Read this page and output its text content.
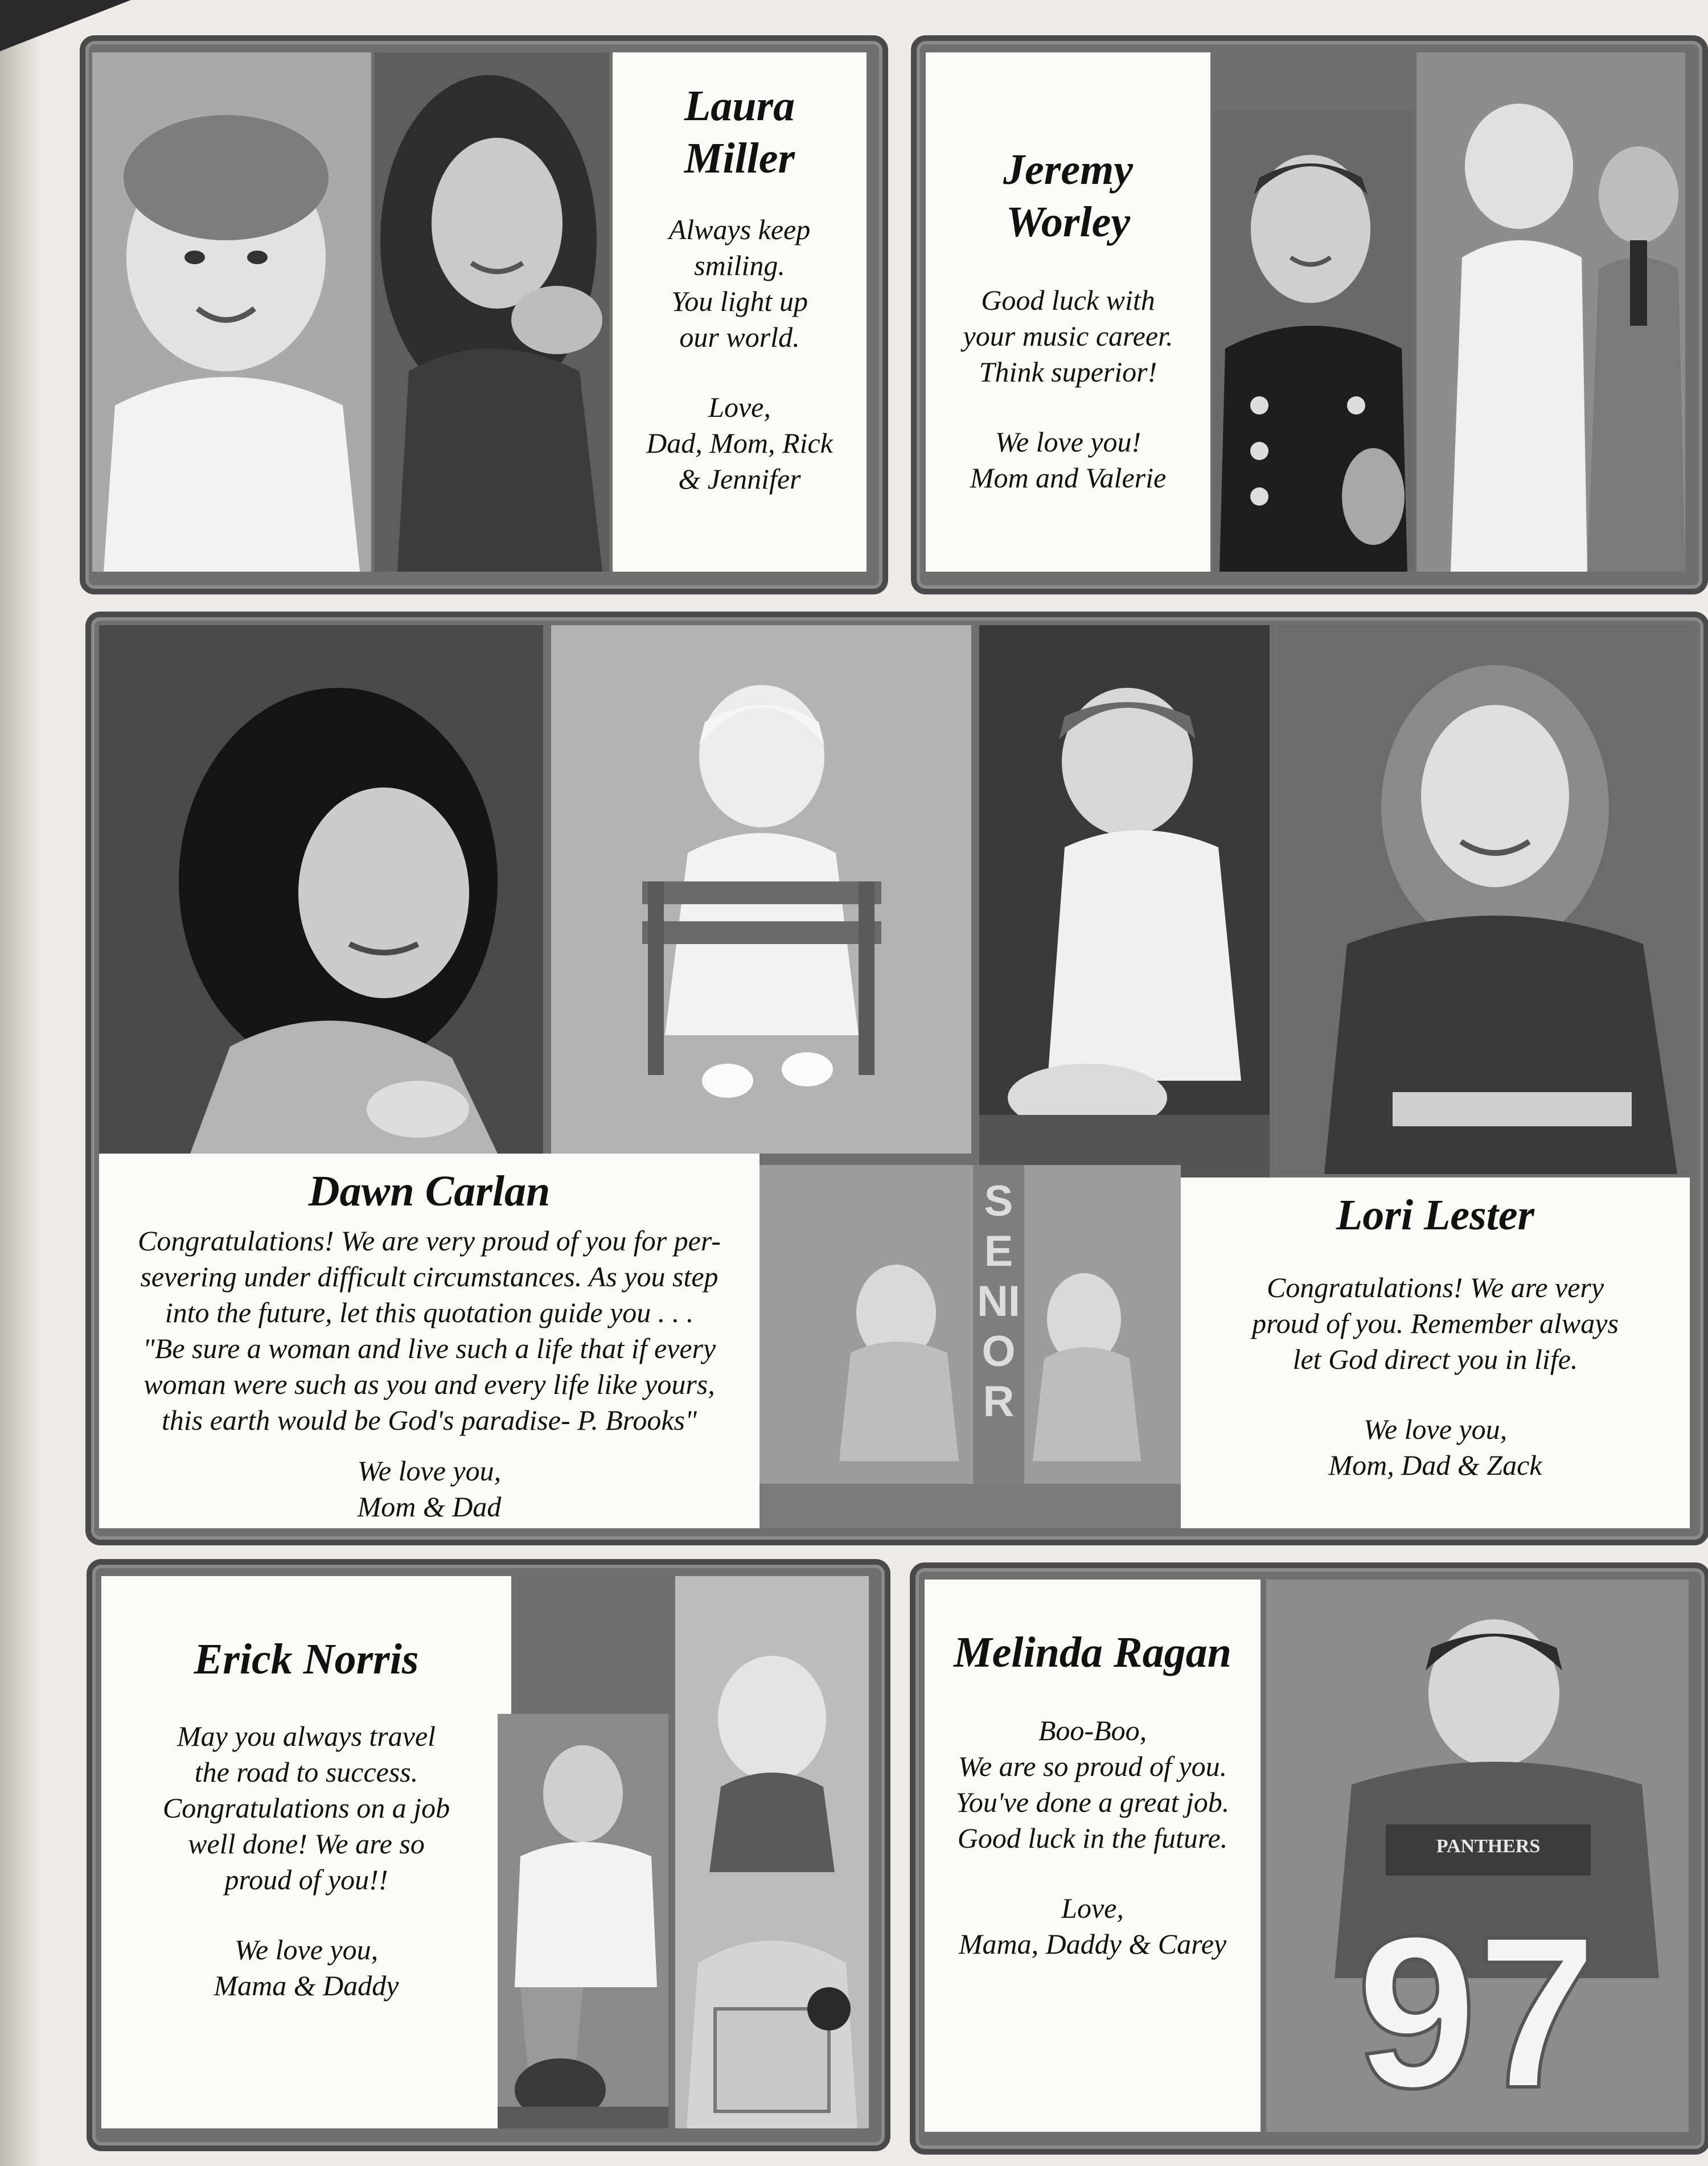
Laura
Miller

Always keep

smiling.

You light up

our world.

Love,

Dad, Mom, Rick

& Jennifer

Jeremy
Worley

Good luck with

your music career.

Think superior!

We love you!

Mom and Valerie

Dawn Carlan

Congratulations! We are very proud of you for per-

severing under difficult circumstances. As you step

into the future, let this quotation guide you . . .

"Be sure a woman and live such a life that if every

woman were such as you and every life like yours,

this earth would be God's paradise- P. Brooks"

We love you,

Mom & Dad

SENIOR
Lori Lester

Congratulations! We are very

proud of you. Remember always

let God direct you in life.

We love you,

Mom, Dad & Zack

Erick Norris

May you always travel

the road to success.

Congratulations on a job

well done! We are so

proud of you!!

We love you,

Mama & Daddy

Melinda Ragan

Boo-Boo,

We are so proud of you.

You've done a great job.

Good luck in the future.

Love,

Mama, Daddy & Carey

PANTHERS
97
